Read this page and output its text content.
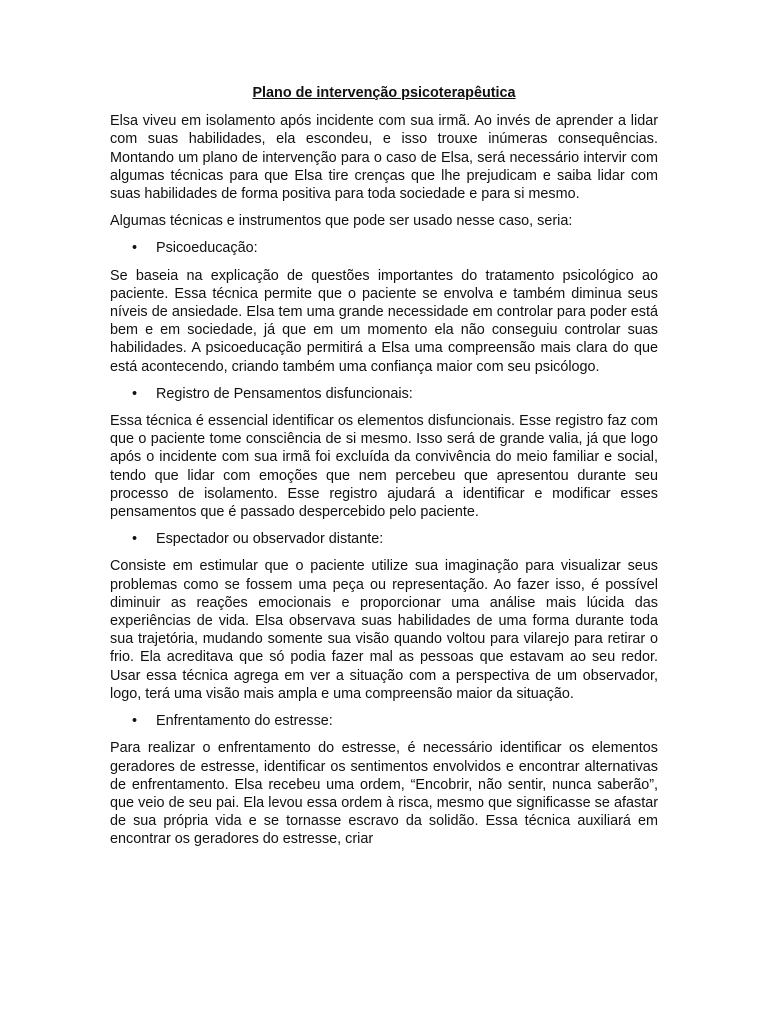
Plano de intervenção psicoterapêutica

Elsa viveu em isolamento após incidente com sua irmã. Ao invés de aprender a lidar com suas habilidades, ela escondeu, e isso trouxe inúmeras consequências. Montando um plano de intervenção para o caso de Elsa, será necessário intervir com algumas técnicas para que Elsa tire crenças que lhe prejudicam e saiba lidar com suas habilidades de forma positiva para toda sociedade e para si mesmo.

Algumas técnicas e instrumentos que pode ser usado nesse caso, seria:

• Psicoeducação:

Se baseia na explicação de questões importantes do tratamento psicológico ao paciente. Essa técnica permite que o paciente se envolva e também diminua seus níveis de ansiedade. Elsa tem uma grande necessidade em controlar para poder está bem e em sociedade, já que em um momento ela não conseguiu controlar suas habilidades. A psicoeducação permitirá a Elsa uma compreensão mais clara do que está acontecendo, criando também uma confiança maior com seu psicólogo.

• Registro de Pensamentos disfuncionais:

Essa técnica é essencial identificar os elementos disfuncionais. Esse registro faz com que o paciente tome consciência de si mesmo. Isso será de grande valia, já que logo após o incidente com sua irmã foi excluída da convivência do meio familiar e social, tendo que lidar com emoções que nem percebeu que apresentou durante seu processo de isolamento. Esse registro ajudará a identificar e modificar esses pensamentos que é passado despercebido pelo paciente.

• Espectador ou observador distante:

Consiste em estimular que o paciente utilize sua imaginação para visualizar seus problemas como se fossem uma peça ou representação. Ao fazer isso, é possível diminuir as reações emocionais e proporcionar uma análise mais lúcida das experiências de vida. Elsa observava suas habilidades de uma forma durante toda sua trajetória, mudando somente sua visão quando voltou para vilarejo para retirar o frio. Ela acreditava que só podia fazer mal as pessoas que estavam ao seu redor. Usar essa técnica agrega em ver a situação com a perspectiva de um observador, logo, terá uma visão mais ampla e uma compreensão maior da situação.

• Enfrentamento do estresse:

Para realizar o enfrentamento do estresse, é necessário identificar os elementos geradores de estresse, identificar os sentimentos envolvidos e encontrar alternativas de enfrentamento. Elsa recebeu uma ordem, “Encobrir, não sentir, nunca saberão”, que veio de seu pai. Ela levou essa ordem à risca, mesmo que significasse se afastar de sua própria vida e se tornasse escravo da solidão. Essa técnica auxiliará em encontrar os geradores do estresse, criar
